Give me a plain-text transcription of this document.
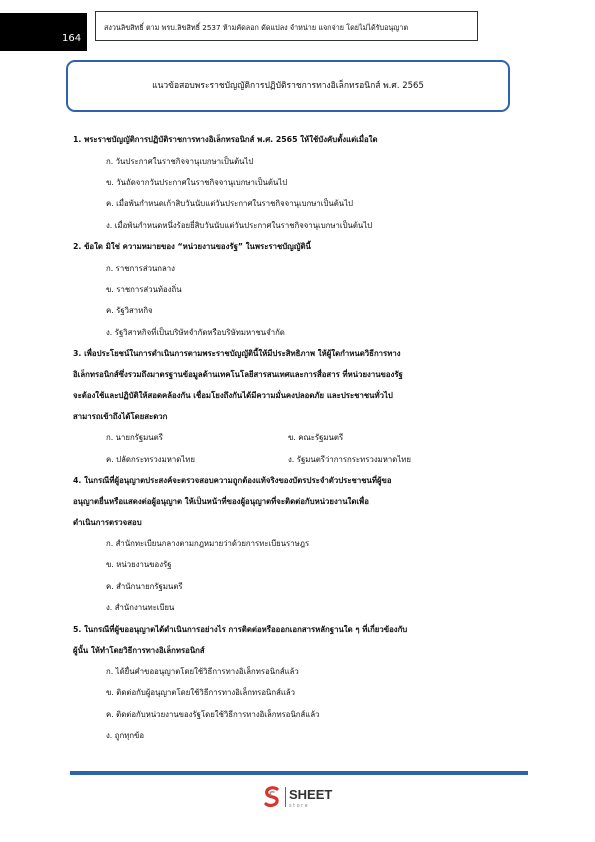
164
สงวนลิขสิทธิ์ ตาม พรบ.ลิขสิทธิ์ 2537 ห้ามคัดลอก ดัดแปลง จำหน่าย แจกจ่าย โดยไม่ได้รับอนุญาต
แนวข้อสอบพระราชบัญญัติการปฏิบัติราชการทางอิเล็กทรอนิกส์ พ.ศ. 2565
1. พระราชบัญญัติการปฏิบัติราชการทางอิเล็กทรอนิกส์ พ.ศ. 2565 ให้ใช้บังคับตั้งแต่เมื่อใด
ก. วันประกาศในราชกิจจานุเบกษาเป็นต้นไป
ข. วันถัดจากวันประกาศในราชกิจจานุเบกษาเป็นต้นไป
ค. เมื่อพ้นกำหนดเก้าสิบวันนับแต่วันประกาศในราชกิจจานุเบกษาเป็นต้นไป
ง. เมื่อพ้นกำหนดหนึ่งร้อยยี่สิบวันนับแต่วันประกาศในราชกิจจานุเบกษาเป็นต้นไป
2. ข้อใด มิใช่ ความหมายของ “หน่วยงานของรัฐ” ในพระราชบัญญัตินี้
ก. ราชการส่วนกลาง
ข. ราชการส่วนท้องถิ่น
ค. รัฐวิสาหกิจ
ง. รัฐวิสาหกิจที่เป็นบริษัทจำกัดหรือบริษัทมหาชนจำกัด
3. เพื่อประโยชน์ในการดำเนินการตามพระราชบัญญัตินี้ให้มีประสิทธิภาพ ให้ผู้ใดกำหนดวิธีการทาง
อิเล็กทรอนิกส์ซึ่งรวมถึงมาตรฐานข้อมูลด้านเทคโนโลยีสารสนเทศและการสื่อสาร ที่หน่วยงานของรัฐ
จะต้องใช้และปฏิบัติให้สอดคล้องกัน เชื่อมโยงถึงกันได้มีความมั่นคงปลอดภัย และประชาชนทั่วไป
สามารถเข้าถึงได้โดยสะดวก
ก. นายกรัฐมนตรี	ข. คณะรัฐมนตรี
ค. ปลัดกระทรวงมหาดไทย	ง. รัฐมนตรีว่าการกระทรวงมหาดไทย
4. ในกรณีที่ผู้อนุญาตประสงค์จะตรวจสอบความถูกต้องแท้จริงของบัตรประจำตัวประชาชนที่ผู้ขอ
อนุญาตยื่นหรือแสดงต่อผู้อนุญาต ให้เป็นหน้าที่ของผู้อนุญาตที่จะติดต่อกับหน่วยงานใดเพื่อ
ดำเนินการตรวจสอบ
ก. สำนักทะเบียนกลางตามกฎหมายว่าด้วยการทะเบียนราษฎร
ข. หน่วยงานของรัฐ
ค. สำนักนายกรัฐมนตรี
ง. สำนักงานทะเบียน
5. ในกรณีที่ผู้ขออนุญาตได้ดำเนินการอย่างไร การติดต่อหรือออกเอกสารหลักฐานใด ๆ ที่เกี่ยวข้องกับ
ผู้นั้น ให้ทำโดยวิธีการทางอิเล็กทรอนิกส์
ก. ได้ยื่นคำขออนุญาตโดยใช้วิธีการทางอิเล็กทรอนิกส์แล้ว
ข. ติดต่อกับผู้อนุญาตโดยใช้วิธีการทางอิเล็กทรอนิกส์แล้ว
ค. ติดต่อกับหน่วยงานของรัฐโดยใช้วิธีการทางอิเล็กทรอนิกส์แล้ว
ง. ถูกทุกข้อ
SHEET
store
